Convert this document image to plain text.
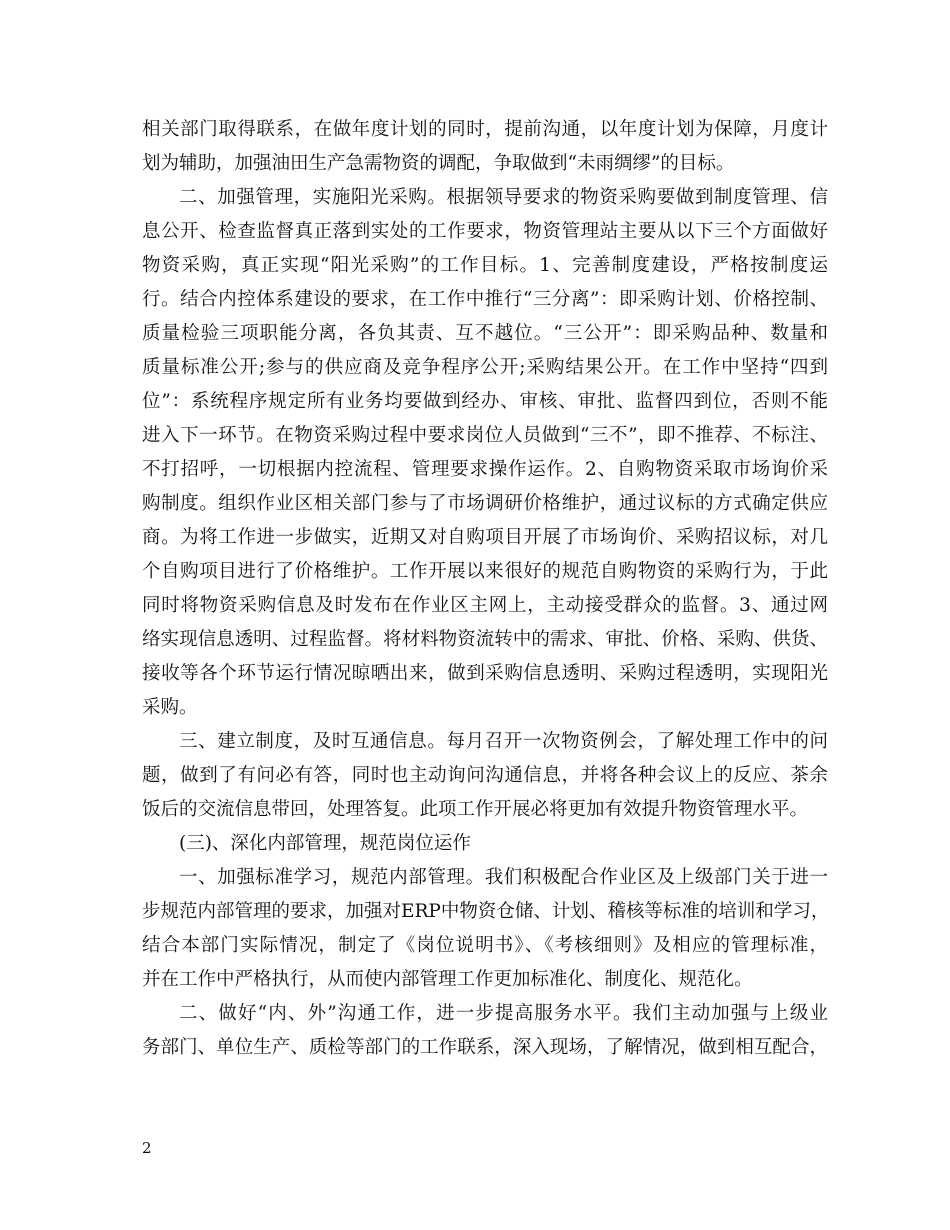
相关部门取得联系，在做年度计划的同时，提前沟通，以年度计划为保障，月度计
划为辅助，加强油田生产急需物资的调配，争取做到“未雨绸缪”的目标。
二、加强管理，实施阳光采购。根据领导要求的物资采购要做到制度管理、信
息公开、检查监督真正落到实处的工作要求，物资管理站主要从以下三个方面做好
物资采购，真正实现“阳光采购”的工作目标。1、完善制度建设，严格按制度运
行。结合内控体系建设的要求，在工作中推行“三分离”：即采购计划、价格控制、
质量检验三项职能分离，各负其责、互不越位。“三公开”：即采购品种、数量和
质量标准公开;参与的供应商及竞争程序公开;采购结果公开。在工作中坚持“四到
位”：系统程序规定所有业务均要做到经办、审核、审批、监督四到位，否则不能
进入下一环节。在物资采购过程中要求岗位人员做到“三不”，即不推荐、不标注、
不打招呼，一切根据内控流程、管理要求操作运作。2、自购物资采取市场询价采
购制度。组织作业区相关部门参与了市场调研价格维护，通过议标的方式确定供应
商。为将工作进一步做实，近期又对自购项目开展了市场询价、采购招议标，对几
个自购项目进行了价格维护。工作开展以来很好的规范自购物资的采购行为，于此
同时将物资采购信息及时发布在作业区主网上，主动接受群众的监督。3、通过网
络实现信息透明、过程监督。将材料物资流转中的需求、审批、价格、采购、供货、
接收等各个环节运行情况晾晒出来，做到采购信息透明、采购过程透明，实现阳光
采购。
三、建立制度，及时互通信息。每月召开一次物资例会，了解处理工作中的问
题，做到了有问必有答，同时也主动询问沟通信息，并将各种会议上的反应、茶余
饭后的交流信息带回，处理答复。此项工作开展必将更加有效提升物资管理水平。
(三)、深化内部管理，规范岗位运作
一、加强标准学习，规范内部管理。我们积极配合作业区及上级部门关于进一
步规范内部管理的要求，加强对ERP中物资仓储、计划、稽核等标准的培训和学习，
结合本部门实际情况，制定了《岗位说明书》、《考核细则》及相应的管理标准，
并在工作中严格执行，从而使内部管理工作更加标准化、制度化、规范化。
二、做好“内、外”沟通工作，进一步提高服务水平。我们主动加强与上级业
务部门、单位生产、质检等部门的工作联系，深入现场，了解情况，做到相互配合，
2
